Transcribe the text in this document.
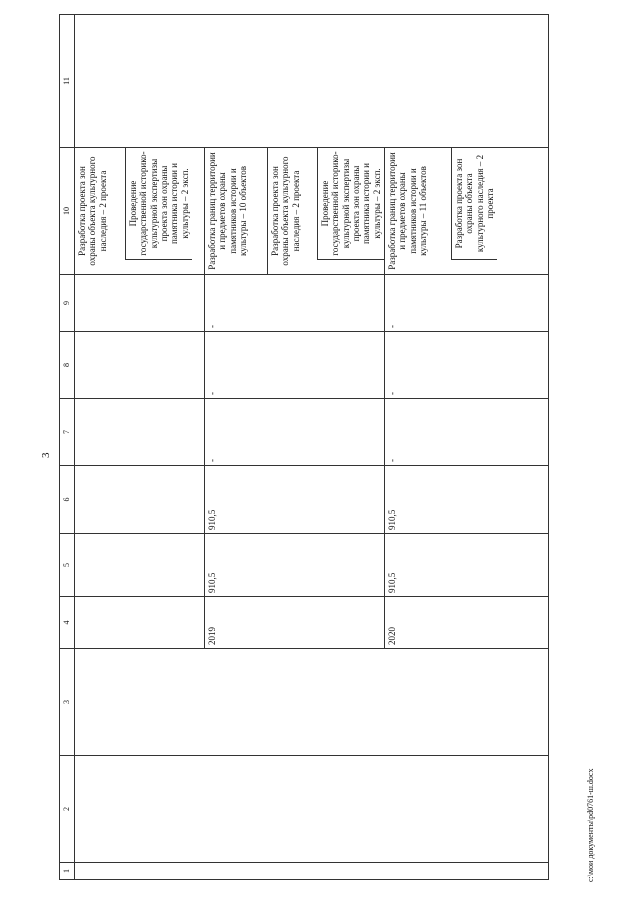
3
1	2	3	4	5	6	7	8	9	10	11

									Разработка проекта зон охраны объекта культурного наследия – 2 проекта Проведение государственной историко-культурной экспертизы проекта зон охраны памятника истории и культуры – 2 эксп.	

			2019	910,5	910,5	-	-	-	Разработка границ территории и предметов охраны памятников истории и культуры – 10 объектов Разработка проекта зон охраны объекта культурного наследия – 2 проекта Проведение государственной историко-культурной экспертизы проекта зон охраны памятника истории и культуры – 2 эксп.	

			2020	910,5	910,5	-	-	-	Разработка границ территории и предметов охраны памятников истории и культуры – 11 объектов Разработка проекта зон охраны объекта культурного наследия – 2 проекта	
c:\мои документы\pd0761-ш.docx
